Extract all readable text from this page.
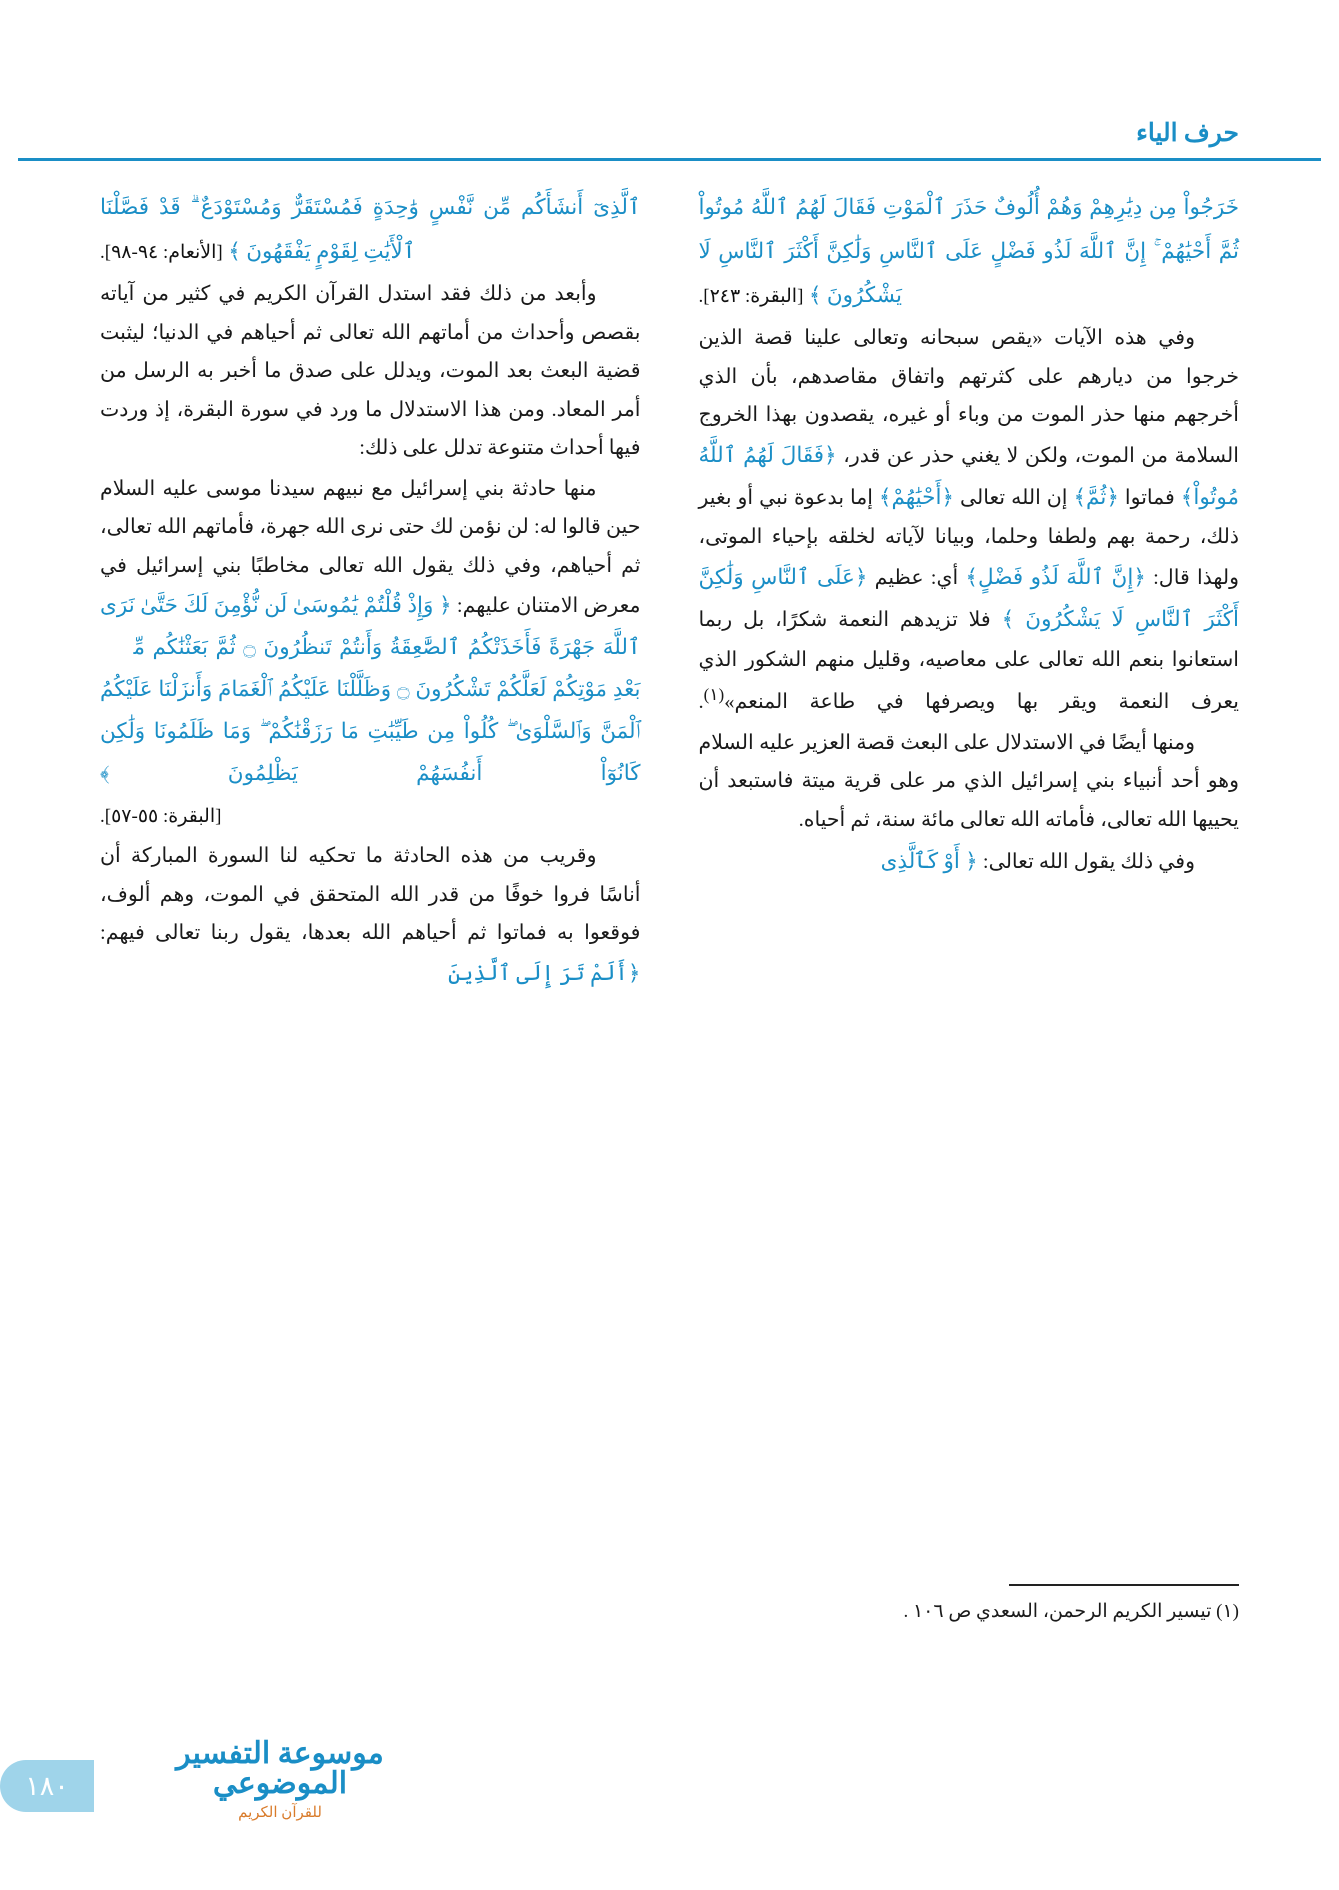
حرف الياء

خَرَجُواْ مِن دِيَٰرِهِمْ وَهُمْ أُلُوفٌ حَذَرَ ٱلْمَوْتِ فَقَالَ لَهُمُ ٱللَّهُ مُوتُواْ ثُمَّ أَحْيَٰهُمْ ۚ إِنَّ ٱللَّهَ لَذُو فَضْلٍ عَلَى ٱلنَّاسِ وَلَٰكِنَّ أَكْثَرَ ٱلنَّاسِ لَا يَشْكُرُونَ ﴾ [البقرة: ٢٤٣].

وفي هذه الآيات «يقص سبحانه وتعالى علينا قصة الذين خرجوا من ديارهم على كثرتهم واتفاق مقاصدهم، بأن الذي أخرجهم منها حذر الموت من وباء أو غيره، يقصدون بهذا الخروج السلامة من الموت، ولكن لا يغني حذر عن قدر، ﴿فَقَالَ لَهُمُ ٱللَّهُ مُوتُواْ﴾ فماتوا ﴿ثُمَّ﴾ إن الله تعالى ﴿أَحْيَٰهُمْ﴾ إما بدعوة نبي أو بغير ذلك، رحمة بهم ولطفا وحلما، وبيانا لآياته لخلقه بإحياء الموتى، ولهذا قال: ﴿إِنَّ ٱللَّهَ لَذُو فَضْلٍ﴾ أي: عظيم ﴿عَلَى ٱلنَّاسِ وَلَٰكِنَّ أَكْثَرَ ٱلنَّاسِ لَا يَشْكُرُونَ ﴾ فلا تزيدهم النعمة شكرًا، بل ربما استعانوا بنعم الله تعالى على معاصيه، وقليل منهم الشكور الذي يعرف النعمة ويقر بها ويصرفها في طاعة المنعم»$^{(١)}$.

ومنها أيضًا في الاستدلال على البعث قصة العزير عليه السلام وهو أحد أنبياء بني إسرائيل الذي مر على قرية ميتة فاستبعد أن يحييها الله تعالى، فأماته الله تعالى مائة سنة، ثم أحياه.

وفي ذلك يقول الله تعالى: ﴿ أَوْ كَٱلَّذِى

ٱلَّذِىٓ أَنشَأَكُم مِّن نَّفْسٍ وَٰحِدَةٍ فَمُسْتَقَرٌّ وَمُسْتَوْدَعٌ ۗ قَدْ فَصَّلْنَا ٱلْأَيَٰتِ لِقَوْمٍ يَفْقَهُونَ ﴾ [الأنعام: ٩٤-٩٨].

وأبعد من ذلك فقد استدل القرآن الكريم في كثير من آياته بقصص وأحداث من أماتهم الله تعالى ثم أحياهم في الدنيا؛ ليثبت قضية البعث بعد الموت، ويدلل على صدق ما أخبر به الرسل من أمر المعاد. ومن هذا الاستدلال ما ورد في سورة البقرة، إذ وردت فيها أحداث متنوعة تدلل على ذلك:

منها حادثة بني إسرائيل مع نبيهم سيدنا موسى عليه السلام حين قالوا له: لن نؤمن لك حتى نرى الله جهرة، فأماتهم الله تعالى، ثم أحياهم، وفي ذلك يقول الله تعالى مخاطبًا بني إسرائيل في معرض الامتنان عليهم: ﴿ وَإِذْ قُلْتُمْ يَٰمُوسَىٰ لَن نُّؤْمِنَ لَكَ حَتَّىٰ نَرَى ٱللَّهَ جَهْرَةً فَأَخَذَتْكُمُ ٱلصَّٰعِقَةُ وَأَنتُمْ تَنظُرُونَ ۝ ثُمَّ بَعَثْنَٰكُم مِّنۢ بَعْدِ مَوْتِكُمْ لَعَلَّكُمْ تَشْكُرُونَ ۝ وَظَلَّلْنَا عَلَيْكُمُ ٱلْغَمَامَ وَأَنزَلْنَا عَلَيْكُمُ ٱلْمَنَّ وَٱلسَّلْوَىٰ ۖ كُلُواْ مِن طَيِّبَٰتِ مَا رَزَقْنَٰكُمْ ۖ وَمَا ظَلَمُونَا وَلَٰكِن كَانُوٓاْ أَنفُسَهُمْ يَظْلِمُونَ ﴾

[البقرة: ٥٥-٥٧].

وقريب من هذه الحادثة ما تحكيه لنا السورة المباركة أن أناسًا فروا خوفًا من قدر الله المتحقق في الموت، وهم ألوف، فوقعوا به فماتوا ثم أحياهم الله بعدها، يقول ربنا تعالى فيهم: ﴿أَلَمْ تَرَ إِلَى ٱلَّذِينَ

(١) تيسير الكريم الرحمن، السعدي ص ١٠٦ .
موسوعة التفسير الموضوعي
للقرآن الكريم
١٨٠
